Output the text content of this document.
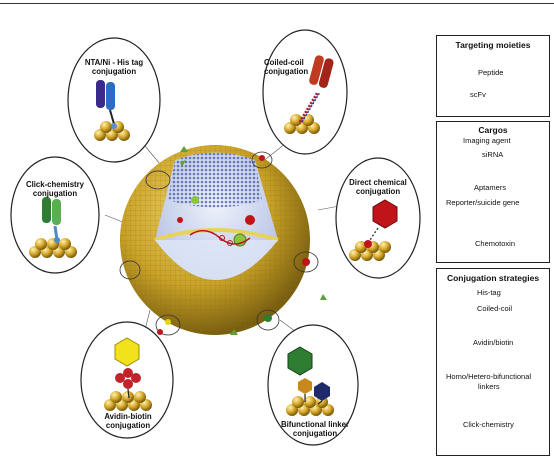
NTA/Ni - His tag
conjugation
Coiled-coil
conjugation
Click-chemistry
conjugation
Direct chemical
conjugation
Avidin-biotin
conjugation	Bifunctional linker
conjugation
Targeting moieties
Peptide
scFv
Cargos
Imaging agent
siRNA
Aptamers
Reporter/suicide gene
Chemotoxin
Conjugation strategies
His-tag
Coiled-coil
Avidin/biotin
Homo/Hetero-bifunctional
linkers
Click-chemistry
